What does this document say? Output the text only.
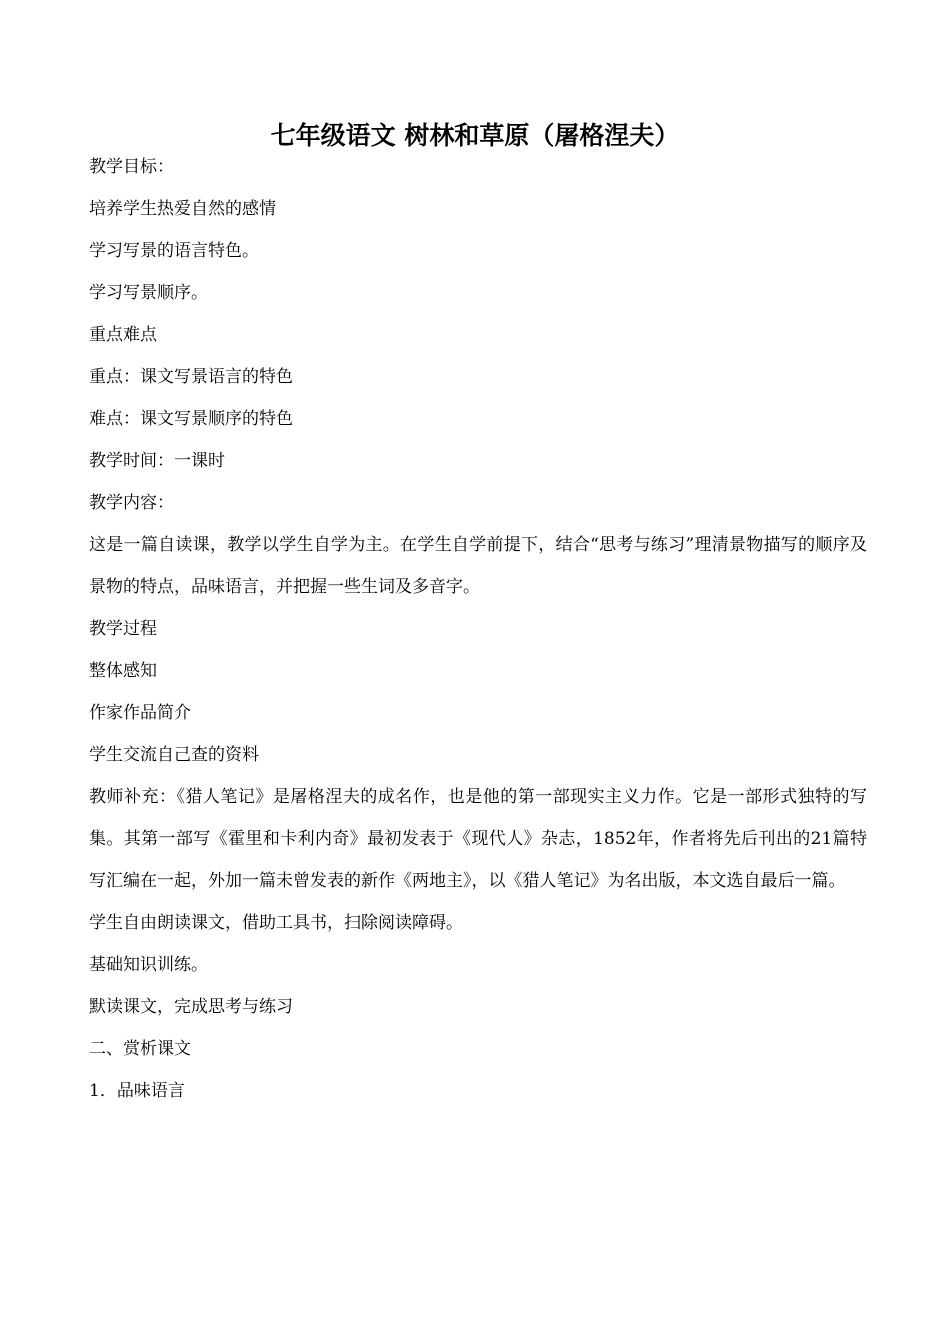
七年级语文 树林和草原（屠格涅夫）

教学目标：

培养学生热爱自然的感情

学习写景的语言特色。

学习写景顺序。

重点难点

重点：课文写景语言的特色

难点：课文写景顺序的特色

教学时间：一课时

教学内容：

这是一篇自读课，教学以学生自学为主。在学生自学前提下，结合“思考与练习”理清景物描写的顺序及景物的特点，品味语言，并把握一些生词及多音字。

教学过程

整体感知

作家作品简介

学生交流自己查的资料

教师补充：《猎人笔记》是屠格涅夫的成名作，也是他的第一部现实主义力作。它是一部形式独特的写集。其第一部写《霍里和卡利内奇》最初发表于《现代人》杂志，1852年，作者将先后刊出的21篇特写汇编在一起，外加一篇未曾发表的新作《两地主》，以《猎人笔记》为名出版，本文选自最后一篇。

学生自由朗读课文，借助工具书，扫除阅读障碍。

基础知识训练。

默读课文，完成思考与练习

二、赏析课文

1．品味语言
